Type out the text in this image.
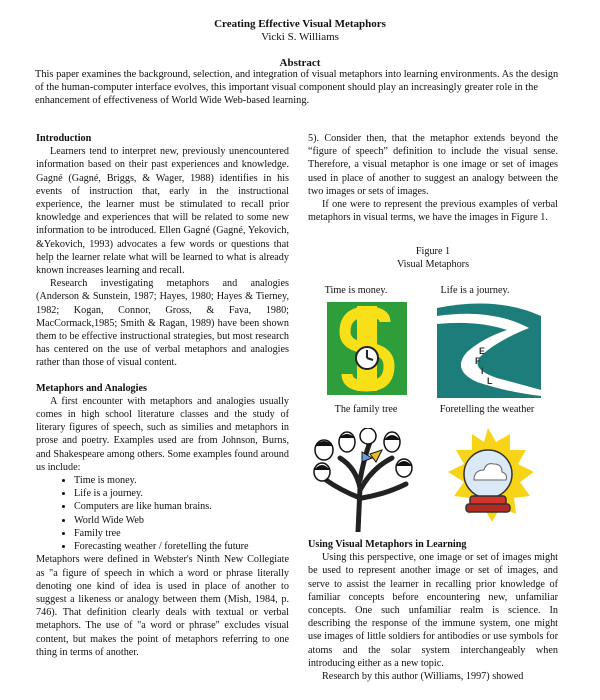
Creating Effective Visual Metaphors
Vicki S. Williams
Abstract
This paper examines the background, selection, and integration of visual metaphors into learning environments. As the design of the human-computer interface evolves, this important visual component should play an increasingly greater role in the enhancement of effectiveness of World Wide Web-based learning.

Introduction

Learners tend to interpret new, previously unencountered information based on their past experiences and knowledge. Gagné (Gagné, Briggs, & Wager, 1988) identifies in his events of instruction that, early in the instructional experience, the learner must be stimulated to recall prior knowledge and experiences that will be related to some new information to be introduced. Ellen Gagné (Gagné, Yekovich, &Yekovich, 1993) advocates a few words or questions that help the learner relate what will be learned to what is already known increases learning and recall.

Research investigating metaphors and analogies (Anderson & Sunstein, 1987; Hayes, 1980; Hayes & Tierney, 1982; Kogan, Connor, Gross, & Fava, 1980; MacCormack,1985; Smith & Ragan, 1989) have been shown them to be effective instructional strategies, but most research has centered on the use of verbal metaphors and analogies rather than those of visual content.

Metaphors and Analogies

A first encounter with metaphors and analogies usually comes in high school literature classes and the study of literary figures of speech, such as similies and metaphors in prose and poetry. Examples used are from Johnson, Burns, and Shakespeare among others. Some examples found around us include:

• Time is money.
• Life is a journey.
• Computers are like human brains.
• World Wide Web
• Family tree
• Forecasting weather / foretelling the future

Metaphors were defined in Webster's Ninth New Collegiate as "a figure of speech in which a word or phrase literally denoting one kind of idea is used in place of another to suggest a likeness or analogy between them (Mish, 1984, p. 746). That definition clearly deals with textual or verbal metaphors. The use of "a word or phrase" excludes visual content, but makes the point of metaphors referring to one thing in terms of another.

5). Consider then, that the metaphor extends beyond the “figure of speech” definition to include the visual sense. Therefore, a visual metaphor is one image or set of images used in place of another to suggest an analogy between the two images or sets of images.

If one were to represent the previous examples of verbal metaphors in visual terms, we have the images in Figure 1.

Figure 1
Visual Metaphors
Time is money.	Life is a journey.
E
F
I
L
The family tree	Foretelling the weather

Using Visual Metaphors in Learning

Using this perspective, one image or set of images might be used to represent another image or set of images, and serve to assist the learner in recalling prior knowledge of familiar concepts before encountering new, unfamiliar concepts. One such unfamiliar realm is science. In describing the response of the immune system, one might use images of little soldiers for antibodies or use symbols for atoms and the solar system interchangeably when introducing either as a new topic.

Research by this author (Williams, 1997) showed
